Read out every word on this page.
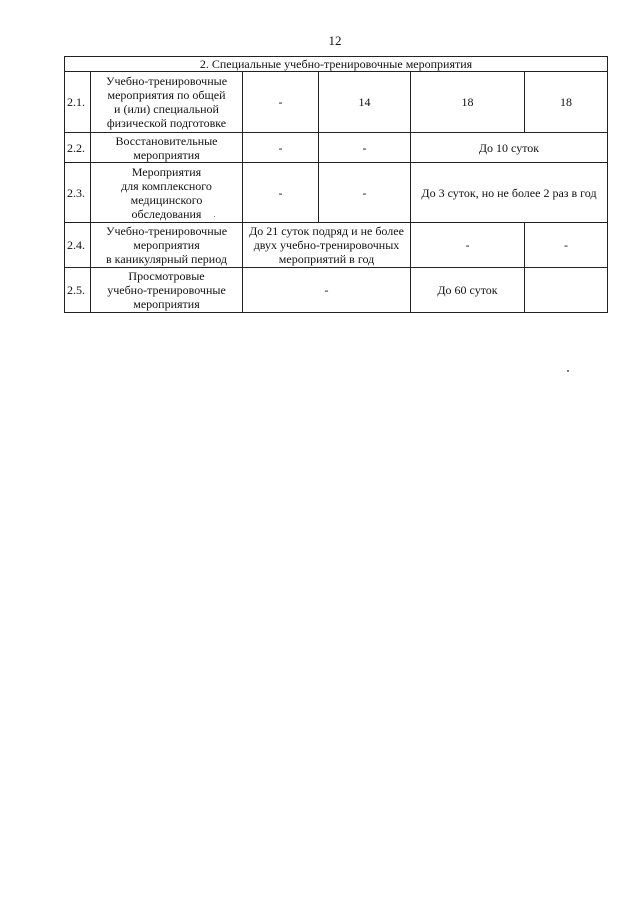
12
2. Специальные учебно-тренировочные мероприятия					
2.1.	Учебно-тренировочные
мероприятия по общей
и (или) специальной
физической подготовке	-	14	18	18
2.2.	Восстановительные
мероприятия	-	-	До 10 суток	
2.3.	Мероприятия
для комплексного
медицинского
обследования	-	-	До 3 суток, но не более 2 раз в год	
2.4.	Учебно-тренировочные
мероприятия
в каникулярный период	До 21 суток подряд и не более
двух учебно-тренировочных
мероприятий в год		-	-
2.5.	Просмотровые
учебно-тренировочные
мероприятия	-		До 60 суток	
